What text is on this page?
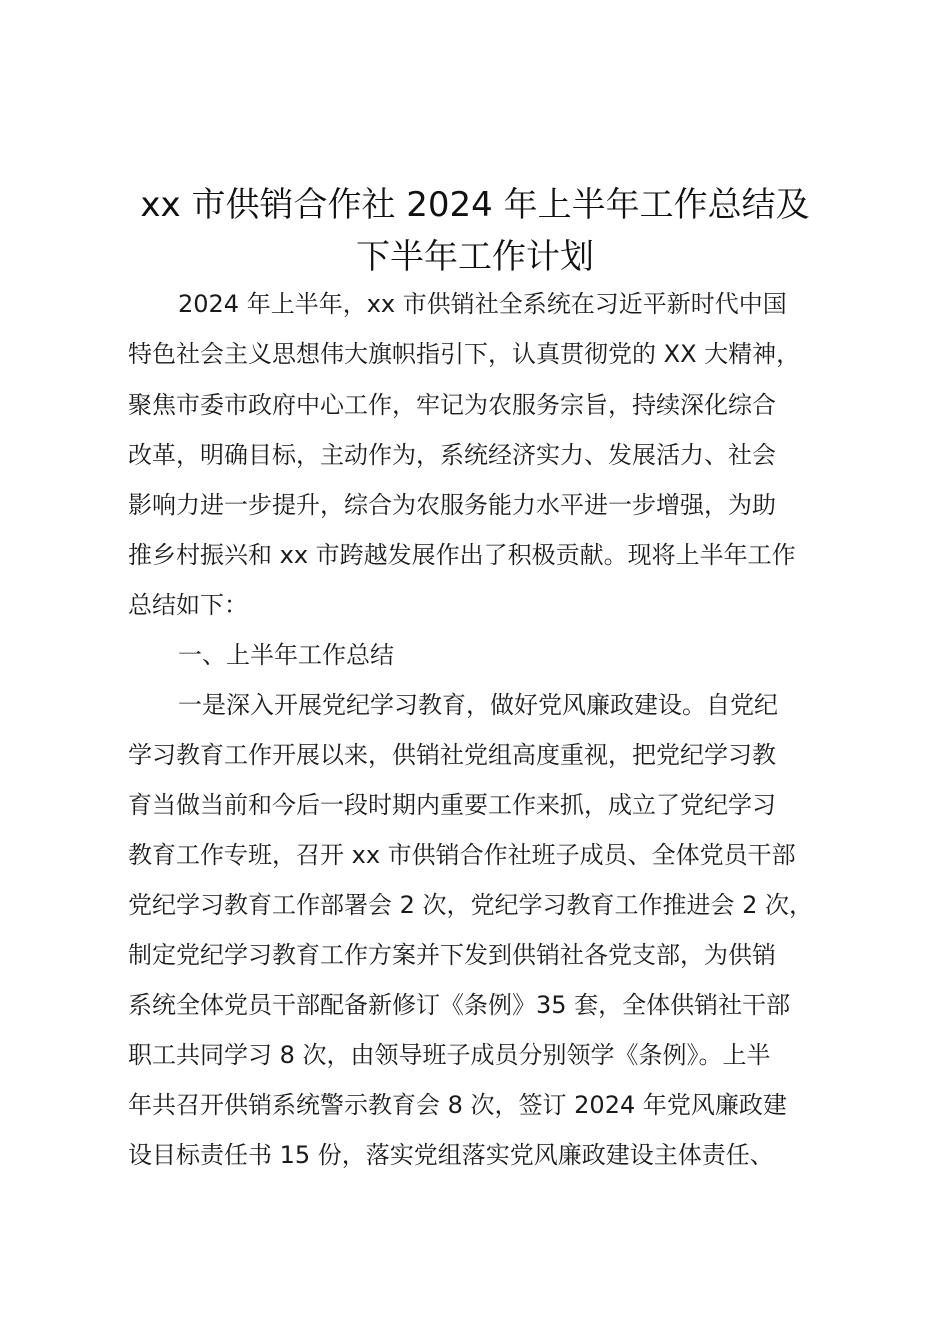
xx 市供销合作社 2024 年上半年工作总结及
下半年工作计划
2024 年上半年，xx 市供销社全系统在习近平新时代中国
特色社会主义思想伟大旗帜指引下，认真贯彻党的 XX 大精神，
聚焦市委市政府中心工作，牢记为农服务宗旨，持续深化综合
改革，明确目标，主动作为，系统经济实力、发展活力、社会
影响力进一步提升，综合为农服务能力水平进一步增强，为助
推乡村振兴和 xx 市跨越发展作出了积极贡献。现将上半年工作
总结如下：
一、上半年工作总结
一是深入开展党纪学习教育，做好党风廉政建设。自党纪
学习教育工作开展以来，供销社党组高度重视，把党纪学习教
育当做当前和今后一段时期内重要工作来抓，成立了党纪学习
教育工作专班，召开 xx 市供销合作社班子成员、全体党员干部
党纪学习教育工作部署会 2 次，党纪学习教育工作推进会 2 次，
制定党纪学习教育工作方案并下发到供销社各党支部，为供销
系统全体党员干部配备新修订《条例》35 套，全体供销社干部
职工共同学习 8 次，由领导班子成员分别领学《条例》。上半
年共召开供销系统警示教育会 8 次，签订 2024 年党风廉政建
设目标责任书 15 份，落实党组落实党风廉政建设主体责任、
